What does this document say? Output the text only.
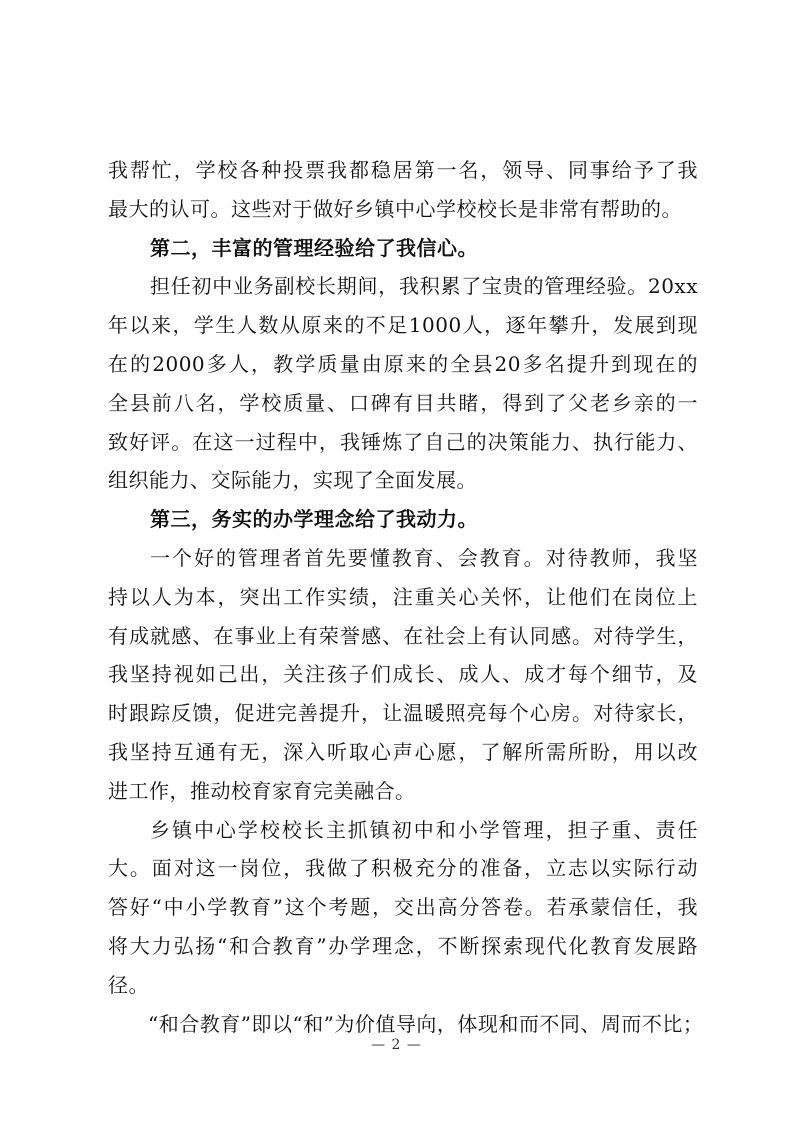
我帮忙，学校各种投票我都稳居第一名，领导、同事给予了我
最大的认可。这些对于做好乡镇中心学校校长是非常有帮助的。
第二，丰富的管理经验给了我信心。
担任初中业务副校长期间，我积累了宝贵的管理经验。20xx
年以来，学生人数从原来的不足1000人，逐年攀升，发展到现
在的2000多人，教学质量由原来的全县20多名提升到现在的
全县前八名，学校质量、口碑有目共睹，得到了父老乡亲的一
致好评。在这一过程中，我锤炼了自己的决策能力、执行能力、
组织能力、交际能力，实现了全面发展。
第三，务实的办学理念给了我动力。
一个好的管理者首先要懂教育、会教育。对待教师，我坚
持以人为本，突出工作实绩，注重关心关怀，让他们在岗位上
有成就感、在事业上有荣誉感、在社会上有认同感。对待学生，
我坚持视如己出，关注孩子们成长、成人、成才每个细节，及
时跟踪反馈，促进完善提升，让温暖照亮每个心房。对待家长，
我坚持互通有无，深入听取心声心愿，了解所需所盼，用以改
进工作，推动校育家育完美融合。
乡镇中心学校校长主抓镇初中和小学管理，担子重、责任
大。面对这一岗位，我做了积极充分的准备，立志以实际行动
答好“中小学教育”这个考题，交出高分答卷。若承蒙信任，我
将大力弘扬“和合教育”办学理念，不断探索现代化教育发展路
径。
“和合教育”即以“和”为价值导向，体现和而不同、周而不比；
— 2 —
